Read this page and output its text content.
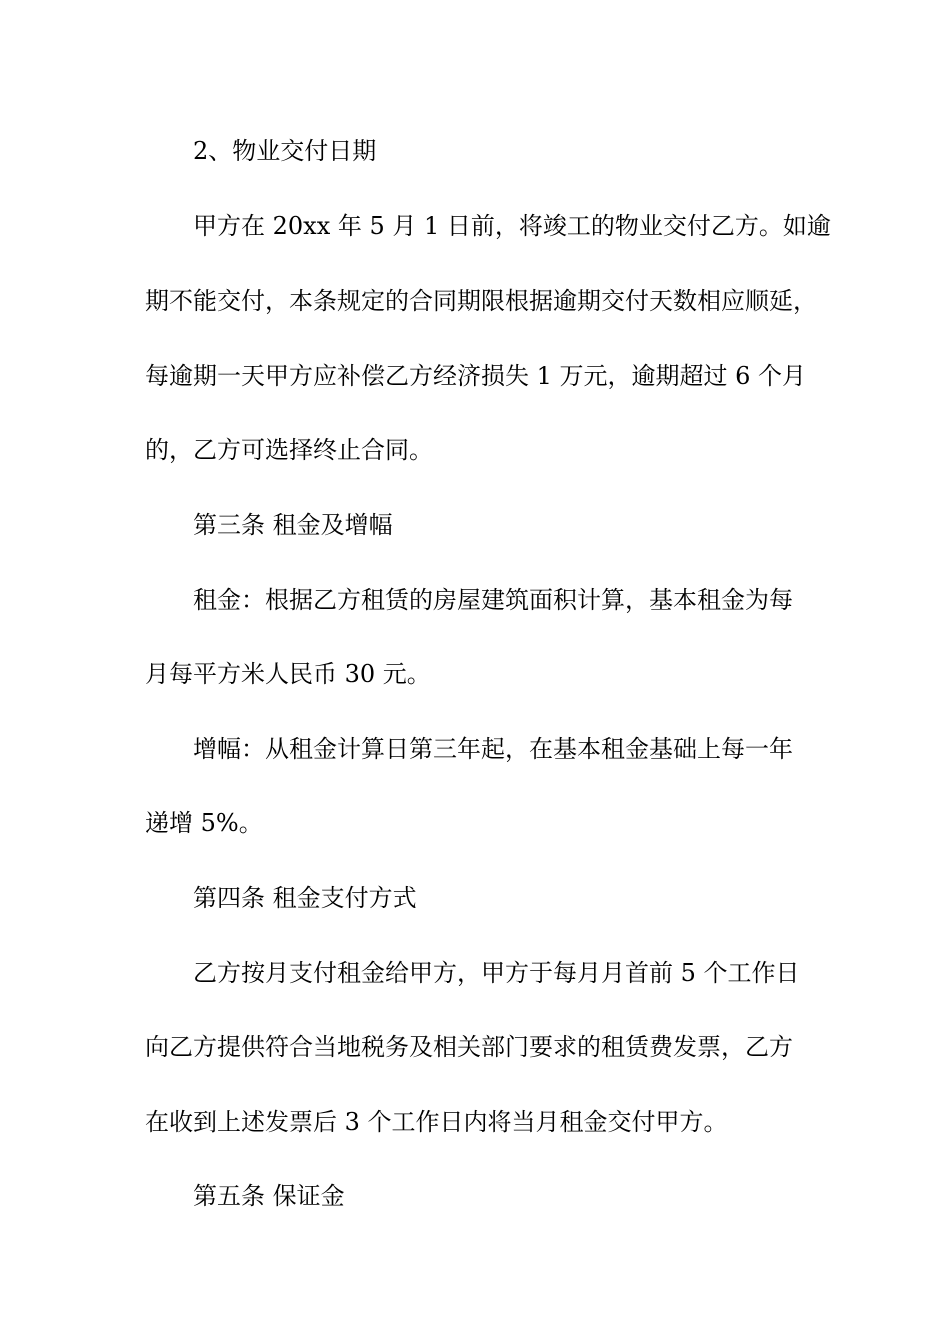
2、物业交付日期
甲方在 20xx 年 5 月 1 日前，将竣工的物业交付乙方。如逾
期不能交付，本条规定的合同期限根据逾期交付天数相应顺延，
每逾期一天甲方应补偿乙方经济损失 1 万元，逾期超过 6 个月
的，乙方可选择终止合同。
第三条 租金及增幅
租金：根据乙方租赁的房屋建筑面积计算，基本租金为每
月每平方米人民币 30 元。
增幅：从租金计算日第三年起，在基本租金基础上每一年
递增 5%。
第四条 租金支付方式
乙方按月支付租金给甲方，甲方于每月月首前 5 个工作日
向乙方提供符合当地税务及相关部门要求的租赁费发票，乙方
在收到上述发票后 3 个工作日内将当月租金交付甲方。
第五条 保证金
